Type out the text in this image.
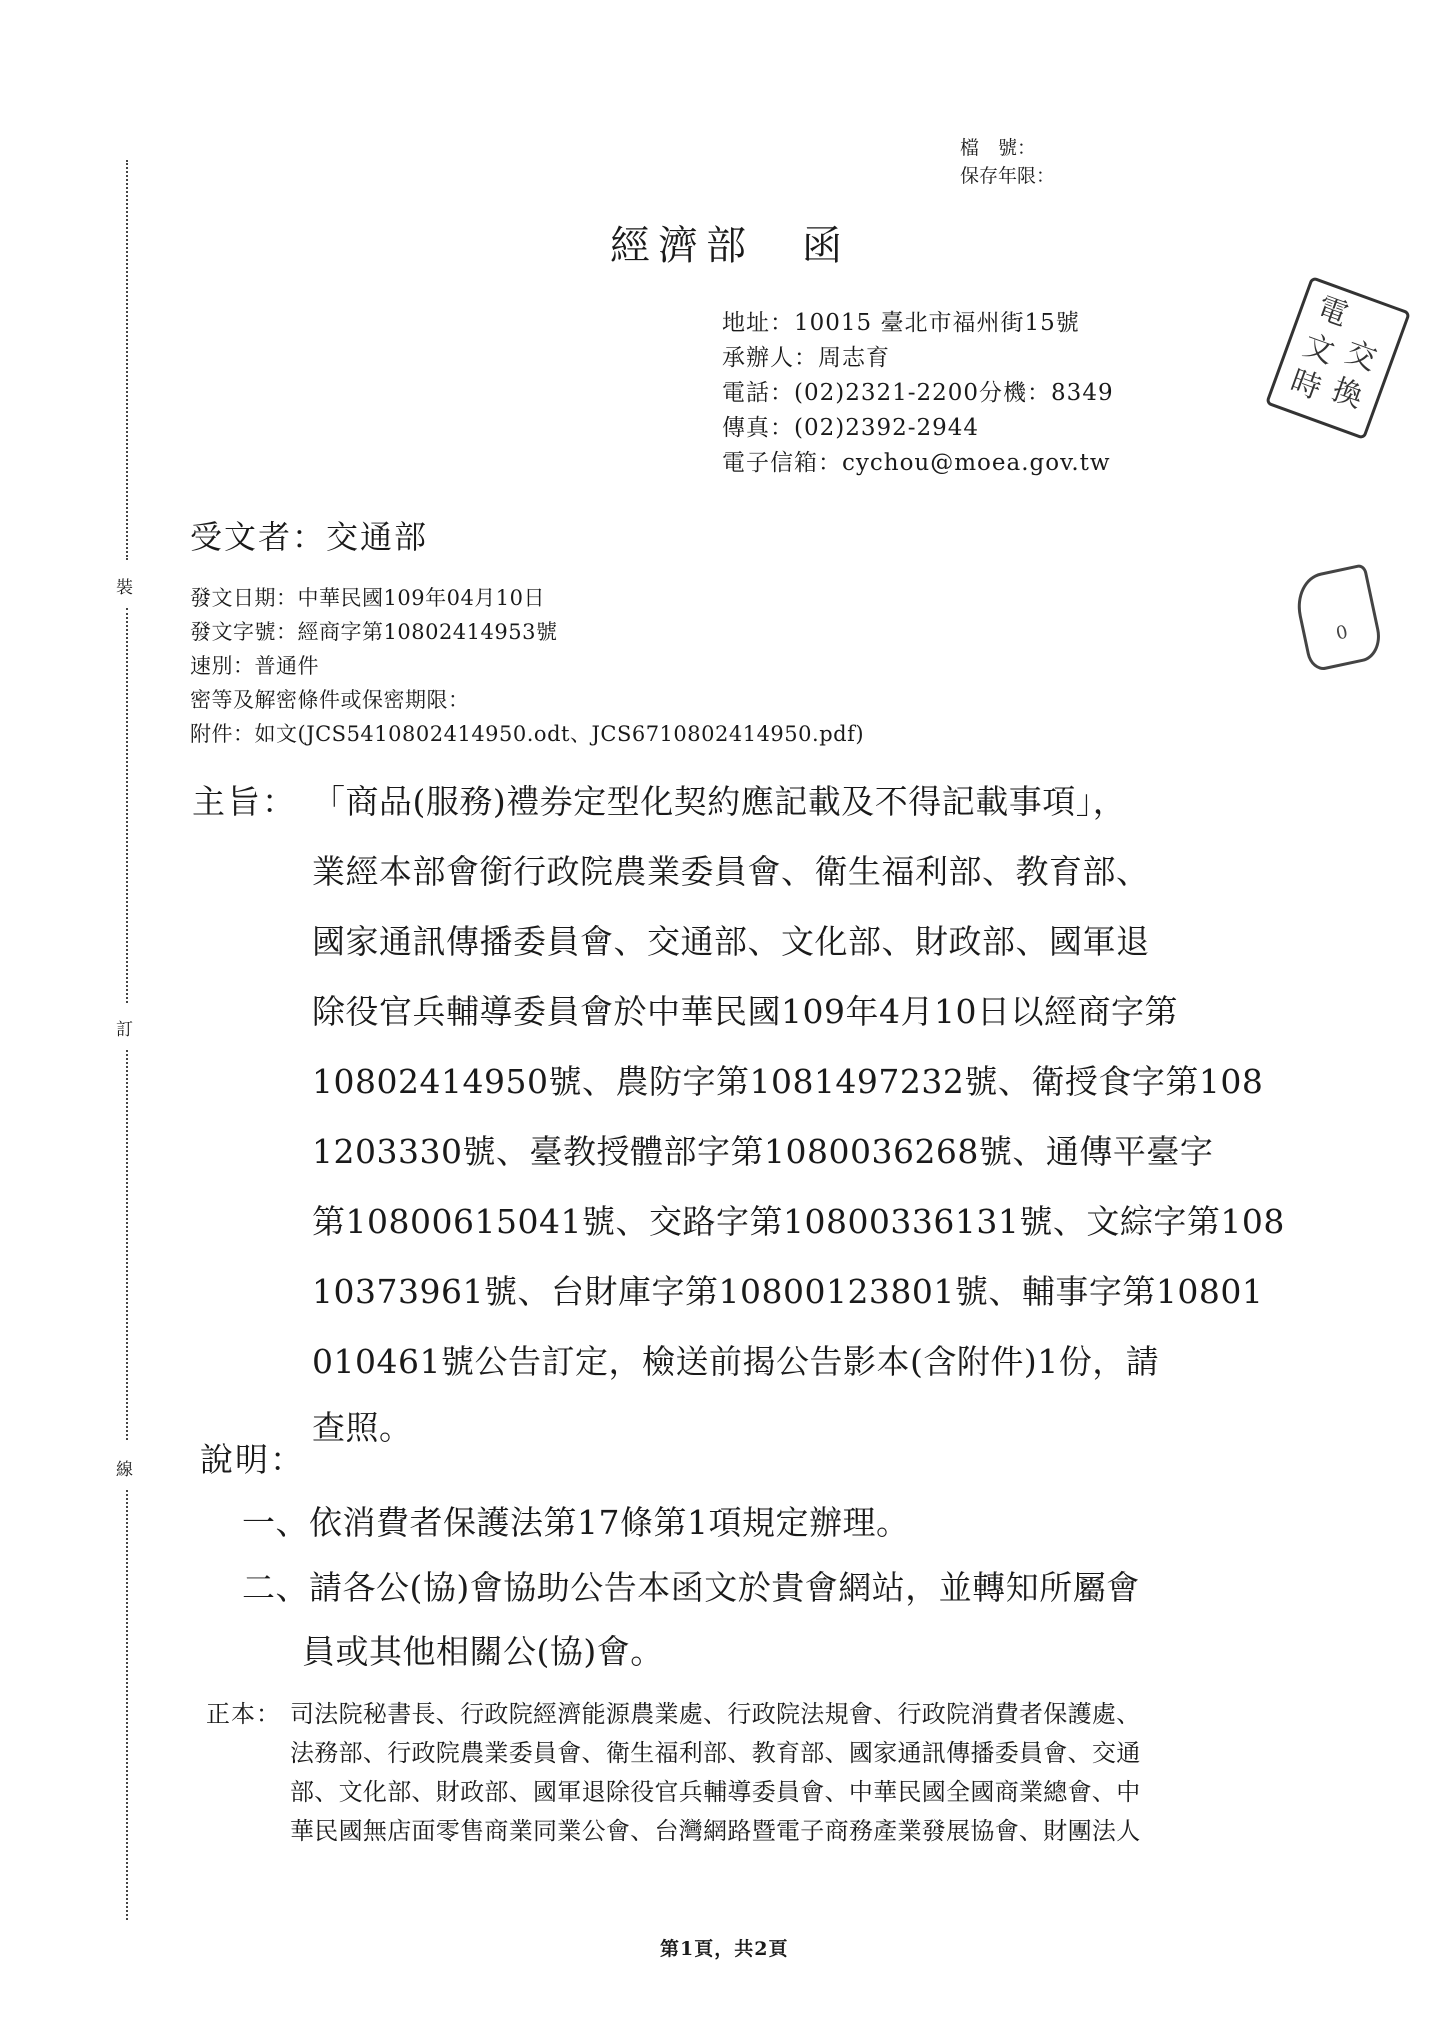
裝
訂
線
檔　號：
保存年限：
經濟部　函
地址：10015 臺北市福州街15號
承辦人：周志育
電話：(02)2321-2200分機：8349
傳真：(02)2392-2944
電子信箱：cychou@moea.gov.tw
電
文 交
時 換
0
受文者：交通部
發文日期：中華民國109年04月10日
發文字號：經商字第10802414953號
速別：普通件
密等及解密條件或保密期限：
附件：如文(JCS5410802414950.odt、JCS6710802414950.pdf)
主旨： 「商品(服務)禮券定型化契約應記載及不得記載事項」，
業經本部會銜行政院農業委員會、衛生福利部、教育部、
國家通訊傳播委員會、交通部、文化部、財政部、國軍退
除役官兵輔導委員會於中華民國109年4月10日以經商字第
10802414950號、農防字第1081497232號、衛授食字第108
1203330號、臺教授體部字第1080036268號、通傳平臺字
第10800615041號、交路字第10800336131號、文綜字第108
10373961號、台財庫字第10800123801號、輔事字第10801
010461號公告訂定，檢送前揭公告影本(含附件)1份，請
查照。
說明：
一、依消費者保護法第17條第1項規定辦理。
二、請各公(協)會協助公告本函文於貴會網站，並轉知所屬會
員或其他相關公(協)會。
正本： 司法院秘書長、行政院經濟能源農業處、行政院法規會、行政院消費者保護處、
法務部、行政院農業委員會、衛生福利部、教育部、國家通訊傳播委員會、交通
部、文化部、財政部、國軍退除役官兵輔導委員會、中華民國全國商業總會、中
華民國無店面零售商業同業公會、台灣網路暨電子商務產業發展協會、財團法人
第1頁，共2頁
